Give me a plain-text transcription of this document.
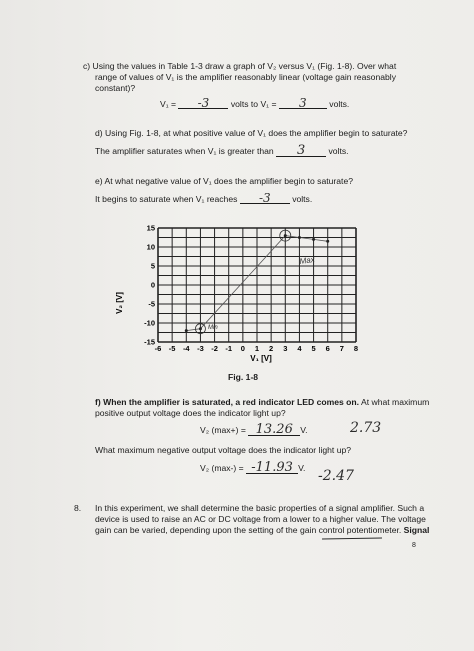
c) Using the values in Table 1-3 draw a graph of V₂ versus V₁ (Fig. 1-8). Over what

range of values of V₁ is the amplifier reasonably linear (voltage gain reasonably

constant)?

V₁ = -3	volts to V₁ = 3	volts.

d) Using Fig. 1-8, at what positive value of V₁ does the amplifier begin to saturate?

The amplifier saturates when V₁ is greater than 3	volts.

e) At what negative value of V₁ does the amplifier begin to saturate?

It begins to saturate when V₁ reaches -3	volts.
-6 -5 -4 -3 -2 -1 0 1 2 3 4 5 6 7 8
15
10
5
0
-5
-10
-15
V₂ [V]
V₁ [V]
Max
Min

Fig. 1-8

f) When the amplifier is saturated, a red indicator LED comes on. At what maximum

positive output voltage does the indicator light up?

V₂ (max+) = 13.26 V.	2.73

What maximum negative output voltage does the indicator light up?

V₂ (max-) = -11.93 V. -2.47

8. In this experiment, we shall determine the basic properties of a signal amplifier. Such a

device is used to raise an AC or DC voltage from a lower to a higher value. The voltage

gain can be varied, depending upon the setting of the gain control potentiometer. Signal

8
